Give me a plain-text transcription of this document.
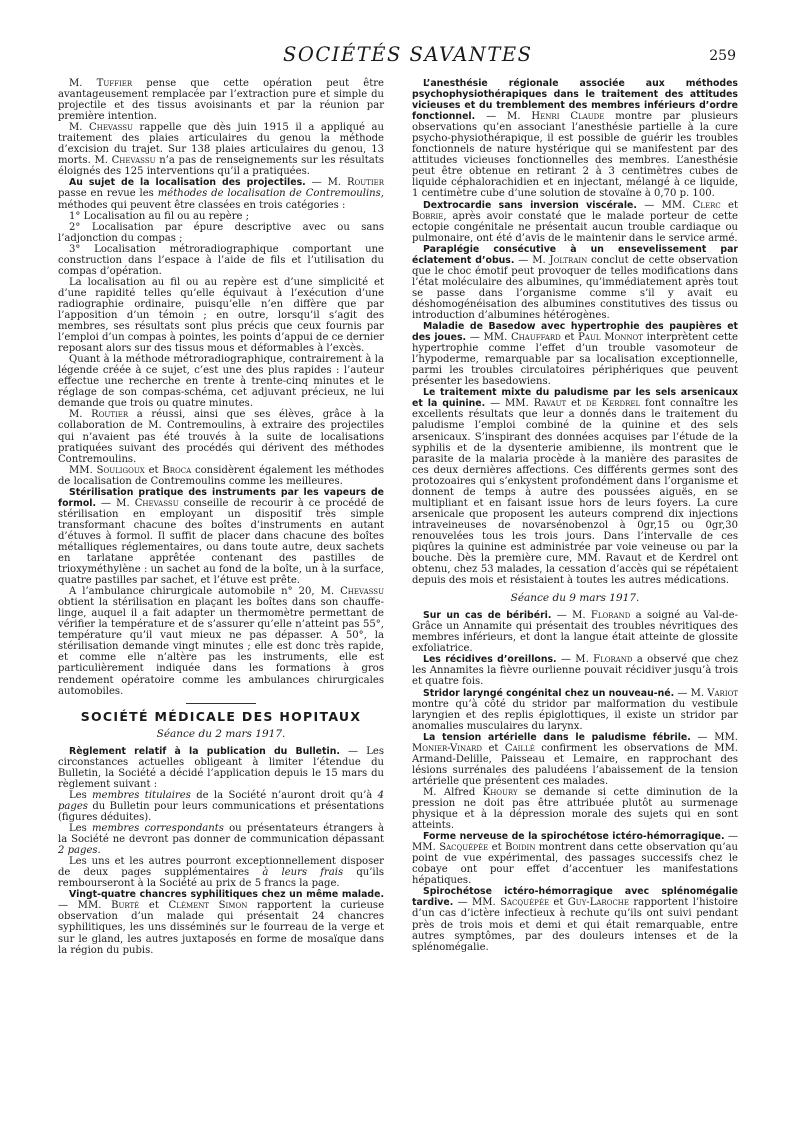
SOCIÉTÉS SAVANTES	259

M. Tuffier pense que cette opération peut être avantageusement remplacée par l’extraction pure et simple du projectile et des tissus avoisinants et par la réunion par première intention.

M. Chevassu rappelle que dès juin 1915 il a appliqué au traitement des plaies articulaires du genou la méthode d’excision du trajet. Sur 138 plaies articulaires du genou, 13 morts. M. Chevassu n’a pas de renseignements sur les résultats éloignés des 125 interventions qu’il a pratiquées.

Au sujet de la localisation des projectiles. — M. Routier passe en revue les méthodes de localisation de Contremoulins, méthodes qui peuvent être classées en trois catégories :

1° Localisation au fil ou au repère ;

2° Localisation par épure descriptive avec ou sans l’adjonction du compas ;

3° Localisation métroradiographique comportant une construction dans l’espace à l’aide de fils et l’utilisation du compas d’opération.

La localisation au fil ou au repère est d’une simplicité et d’une rapidité telles qu’elle équivaut à l’exécution d’une radiographie ordinaire, puisqu’elle n’en diffère que par l’apposition d’un témoin ; en outre, lorsqu’il s’agit des membres, ses résultats sont plus précis que ceux fournis par l’emploi d’un compas à pointes, les points d’appui de ce dernier reposant alors sur des tissus mous et déformables à l’excès.

Quant à la méthode métroradiographique, contrairement à la légende créée à ce sujet, c’est une des plus rapides : l’auteur effectue une recherche en trente à trente-cinq minutes et le réglage de son compas-schéma, cet adjuvant précieux, ne lui demande que trois ou quatre minutes.

M. Routier a réussi, ainsi que ses élèves, grâce à la collaboration de M. Contremoulins, à extraire des projectiles qui n’avaient pas été trouvés à la suite de localisations pratiquées suivant des procédés qui dérivent des méthodes Contremoulins.

MM. Souligoux et Broca considèrent également les méthodes de localisation de Contremoulins comme les meilleures.

Stérilisation pratique des instruments par les vapeurs de formol. — M. Chevassu conseille de recourir à ce procédé de stérilisation en employant un dispositif très simple transformant chacune des boîtes d’instruments en autant d’étuves à formol. Il suffit de placer dans chacune des boîtes métalliques réglementaires, ou dans toute autre, deux sachets en tarlatane apprêtée contenant des pastilles de trioxyméthylène : un sachet au fond de la boîte, un à la surface, quatre pastilles par sachet, et l’étuve est prête.

A l’ambulance chirurgicale automobile n° 20, M. Chevassu obtient la stérilisation en plaçant les boîtes dans son chauffe-linge, auquel il a fait adapter un thermomètre permettant de vérifier la température et de s’assurer qu’elle n’atteint pas 55°, température qu’il vaut mieux ne pas dépasser. A 50°, la stérilisation demande vingt minutes ; elle est donc très rapide, et comme elle n’altère pas les instruments, elle est particulièrement indiquée dans les formations à gros rendement opératoire comme les ambulances chirurgicales automobiles.

SOCIÉTÉ MÉDICALE DES HOPITAUX
Séance du 2 mars 1917.

Règlement relatif à la publication du Bulletin. — Les circonstances actuelles obligeant à limiter l’étendue du Bulletin, la Société a décidé l’application depuis le 15 mars du règlement suivant :

Les membres titulaires de la Société n’auront droit qu’à 4 pages du Bulletin pour leurs communications et présentations (figures déduites).

Les membres correspondants ou présentateurs étrangers à la Société ne devront pas donner de communication dépassant 2 pages.

Les uns et les autres pourront exceptionnellement disposer de deux pages supplémentaires à leurs frais qu’ils rembourseront à la Société au prix de 5 francs la page.

Vingt-quatre chancres syphilitiques chez un même malade. — MM. Burté et Clément Simon rapportent la curieuse observation d’un malade qui présentait 24 chancres syphilitiques, les uns disséminés sur le fourreau de la verge et sur le gland, les autres juxtaposés en forme de mosaïque dans la région du pubis.

L’anesthésie régionale associée aux méthodes psychophysiothérapiques dans le traitement des attitudes vicieuses et du tremblement des membres inférieurs d’ordre fonctionnel. — M. Henri Claude montre par plusieurs observations qu’en associant l’anesthésie partielle à la cure psycho-physiothérapique, il est possible de guérir les troubles fonctionnels de nature hystérique qui se manifestent par des attitudes vicieuses fonctionnelles des membres. L’anesthésie peut être obtenue en retirant 2 à 3 centimètres cubes de liquide céphalorachidien et en injectant, mélangé à ce liquide, 1 centimètre cube d’une solution de stovaïne à 0,70 p. 100.

Dextrocardie sans inversion viscérale. — MM. Clerc et Bobrie, après avoir constaté que le malade porteur de cette ectopie congénitale ne présentait aucun trouble cardiaque ou pulmonaire, ont été d’avis de le maintenir dans le service armé.

Paraplégie consécutive à un ensevelissement par éclatement d’obus. — M. Joltrain conclut de cette observation que le choc émotif peut provoquer de telles modifications dans l’état moléculaire des albumines, qu’immédiatement après tout se passe dans l’organisme comme s’il y avait eu déshomogénéisation des albumines constitutives des tissus ou introduction d’albumines hétérogènes.

Maladie de Basedow avec hypertrophie des paupières et des joues. — MM. Chauffard et Paul Monnot interprètent cette hypertrophie comme l’effet d’un trouble vasomoteur de l’hypoderme, remarquable par sa localisation exceptionnelle, parmi les troubles circulatoires périphériques que peuvent présenter les basedowiens.

Le traitement mixte du paludisme par les sels arsenicaux et la quinine. — MM. Ravaut et de Kerdrel font connaître les excellents résultats que leur a donnés dans le traitement du paludisme l’emploi combiné de la quinine et des sels arsenicaux. S’inspirant des données acquises par l’étude de la syphilis et de la dysenterie amibienne, ils montrent que le parasite de la malaria procède à la manière des parasites de ces deux dernières affections. Ces différents germes sont des protozoaires qui s’enkystent profondément dans l’organisme et donnent de temps à autre des poussées aiguës, en se multipliant et en faisant issue hors de leurs foyers. La cure arsenicale que proposent les auteurs comprend dix injections intraveineuses de novarsénobenzol à 0gr,15 ou 0gr,30 renouvelées tous les trois jours. Dans l’intervalle de ces piqûres la quinine est administrée par voie veineuse ou par la bouche. Dès la première cure, MM. Ravaut et de Kerdrel ont obtenu, chez 53 malades, la cessation d’accès qui se répétaient depuis des mois et résistaient à toutes les autres médications.

Séance du 9 mars 1917.

Sur un cas de béribéri. — M. Florand a soigné au Val-de-Grâce un Annamite qui présentait des troubles névritiques des membres inférieurs, et dont la langue était atteinte de glossite exfoliatrice.

Les récidives d’oreillons. — M. Florand a observé que chez les Annamites la fièvre ourlienne pouvait récidiver jusqu’à trois et quatre fois.

Stridor laryngé congénital chez un nouveau-né. — M. Variot montre qu’à côté du stridor par malformation du vestibule laryngien et des replis épiglottiques, il existe un stridor par anomalies musculaires du larynx.

La tension artérielle dans le paludisme fébrile. — MM. Monier-Vinard et Caillé confirment les observations de MM. Armand-Delille, Paisseau et Lemaire, en rapprochant des lésions surrénales des paludéens l’abaissement de la tension artérielle que présentent ces malades.

M. Alfred Khoury se demande si cette diminution de la pression ne doit pas être attribuée plutôt au surmenage physique et à la dépression morale des sujets qui en sont atteints.

Forme nerveuse de la spirochétose ictéro-hémorragique. — MM. Sacquépée et Boidin montrent dans cette observation qu’au point de vue expérimental, des passages successifs chez le cobaye ont pour effet d’accentuer les manifestations hépatiques.

Spirochétose ictéro-hémorragique avec splénomégalie tardive. — MM. Sacquépée et Guy-Laroche rapportent l’histoire d’un cas d’ictère infectieux à rechute qu’ils ont suivi pendant près de trois mois et demi et qui était remarquable, entre autres symptômes, par des douleurs intenses et de la splénomégalie.
